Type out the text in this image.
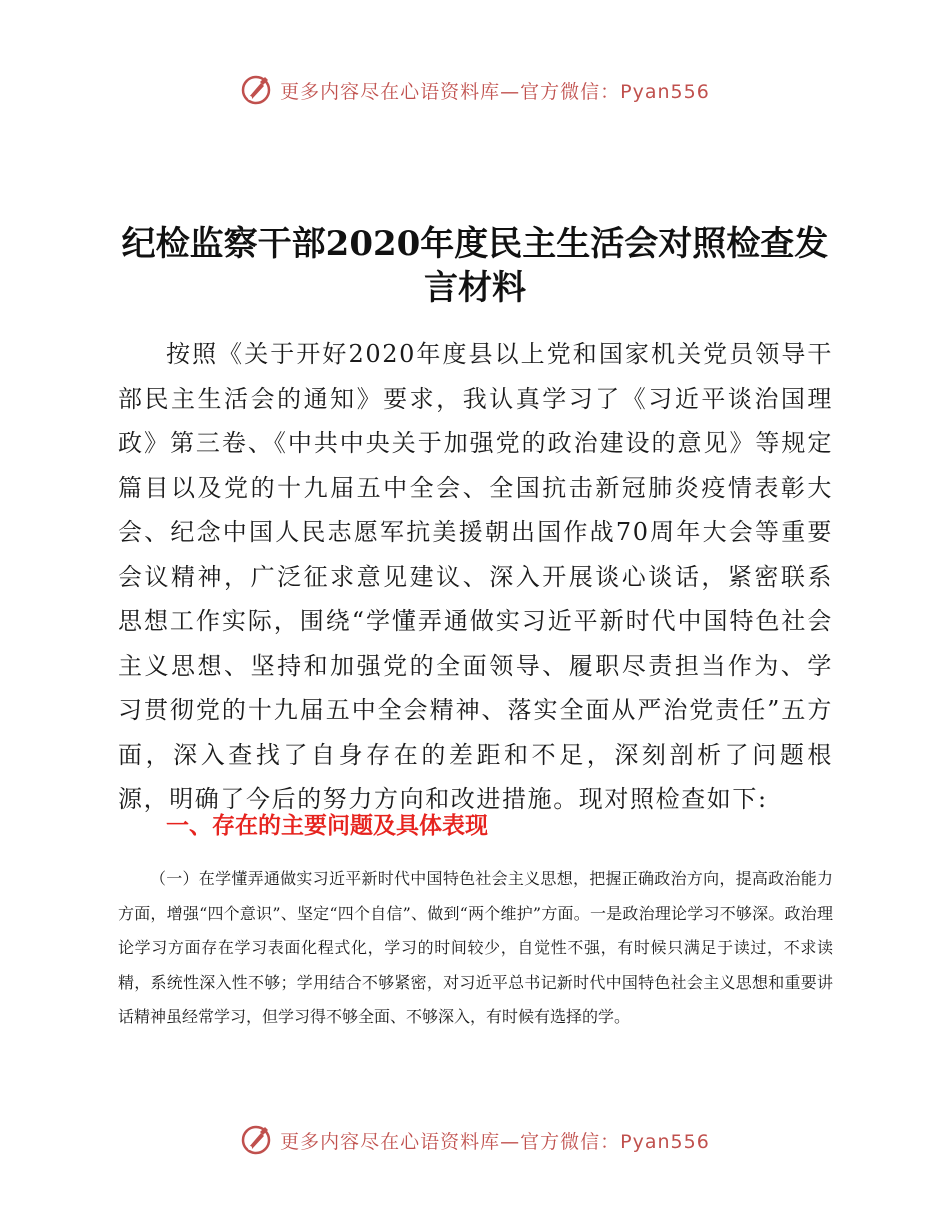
更多内容尽在心语资料库—官方微信：Pyan556
纪检监察干部2020年度民主生活会对照检查发言材料

按照《关于开好2020年度县以上党和国家机关党员领导干部民主生活会的通知》要求，我认真学习了《习近平谈治国理政》第三卷、《中共中央关于加强党的政治建设的意见》等规定篇目以及党的十九届五中全会、全国抗击新冠肺炎疫情表彰大会、纪念中国人民志愿军抗美援朝出国作战70周年大会等重要会议精神，广泛征求意见建议、深入开展谈心谈话，紧密联系思想工作实际，围绕“学懂弄通做实习近平新时代中国特色社会主义思想、坚持和加强党的全面领导、履职尽责担当作为、学习贯彻党的十九届五中全会精神、落实全面从严治党责任”五方面，深入查找了自身存在的差距和不足，深刻剖析了问题根源，明确了今后的努力方向和改进措施。现对照检查如下:

一、存在的主要问题及具体表现

（一）在学懂弄通做实习近平新时代中国特色社会主义思想，把握正确政治方向，提高政治能力方面，增强“四个意识”、坚定“四个自信”、做到“两个维护”方面。一是政治理论学习不够深。政治理论学习方面存在学习表面化程式化，学习的时间较少，自觉性不强，有时候只满足于读过，不求读精，系统性深入性不够；学用结合不够紧密，对习近平总书记新时代中国特色社会主义思想和重要讲话精神虽经常学习，但学习得不够全面、不够深入，有时候有选择的学。

更多内容尽在心语资料库—官方微信：Pyan556
